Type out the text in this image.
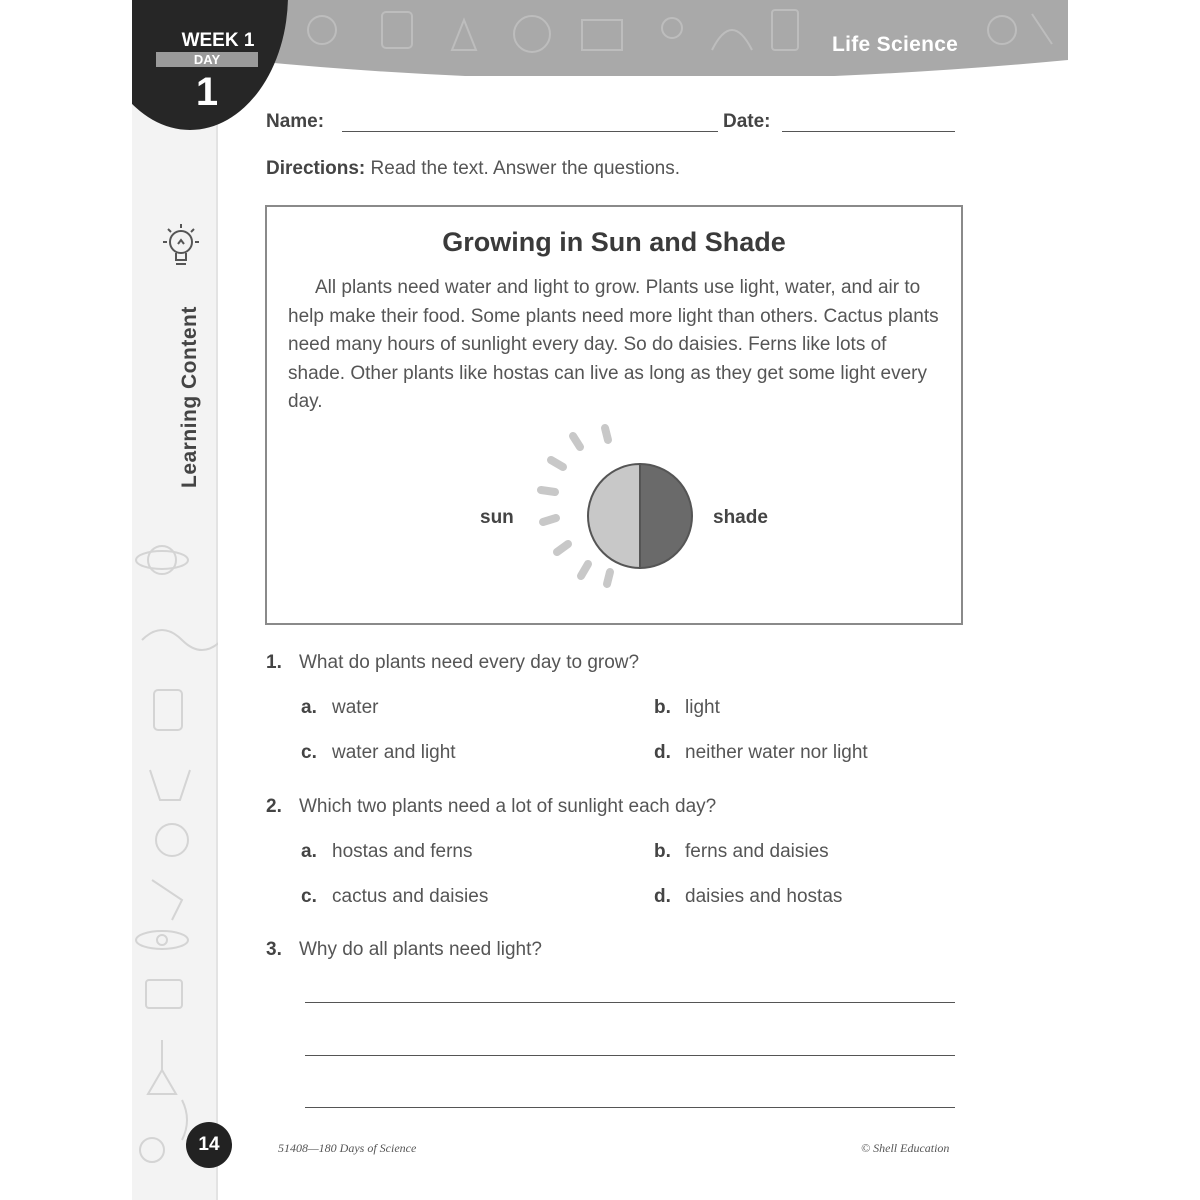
Life Science
WEEK 1
DAY
1
Learning Content
Name:	Date:
Directions: Read the text. Answer the questions.
Growing in Sun and Shade
All plants need water and light to grow. Plants use light, water, and air to help make their food. Some plants need more light than others. Cactus plants need many hours of sunlight every day. So do daisies. Ferns like lots of shade. Other plants like hostas can live as long as they get some light every day.
sun	shade
1. What do plants need every day to grow?
a. water	b. light
c. water and light	d. neither water nor light
2. Which two plants need a lot of sunlight each day?
a. hostas and ferns	b. ferns and daisies
c. cactus and daisies	d. daisies and hostas
3. Why do all plants need light?
14	51408—180 Days of Science	© Shell Education
